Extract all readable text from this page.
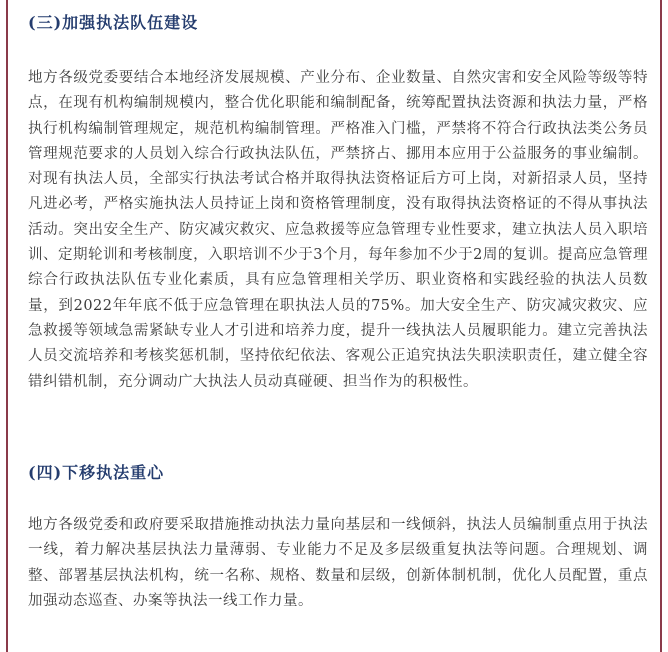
(三)加强执法队伍建设
地方各级党委要结合本地经济发展规模、产业分布、企业数量、自然灾害和安全风险等级等特点，在现有机构编制规模内，整合优化职能和编制配备，统筹配置执法资源和执法力量，严格执行机构编制管理规定，规范机构编制管理。严格准入门槛，严禁将不符合行政执法类公务员管理规范要求的人员划入综合行政执法队伍，严禁挤占、挪用本应用于公益服务的事业编制。对现有执法人员，全部实行执法考试合格并取得执法资格证后方可上岗，对新招录人员，坚持凡进必考，严格实施执法人员持证上岗和资格管理制度，没有取得执法资格证的不得从事执法活动。突出安全生产、防灾减灾救灾、应急救援等应急管理专业性要求，建立执法人员入职培训、定期轮训和考核制度，入职培训不少于3个月，每年参加不少于2周的复训。提高应急管理综合行政执法队伍专业化素质，具有应急管理相关学历、职业资格和实践经验的执法人员数量，到2022年年底不低于应急管理在职执法人员的75%。加大安全生产、防灾减灾救灾、应急救援等领域急需紧缺专业人才引进和培养力度，提升一线执法人员履职能力。建立完善执法人员交流培养和考核奖惩机制，坚持依纪依法、客观公正追究执法失职渎职责任，建立健全容错纠错机制，充分调动广大执法人员动真碰硬、担当作为的积极性。
(四)下移执法重心
地方各级党委和政府要采取措施推动执法力量向基层和一线倾斜，执法人员编制重点用于执法一线，着力解决基层执法力量薄弱、专业能力不足及多层级重复执法等问题。合理规划、调整、部署基层执法机构，统一名称、规格、数量和层级，创新体制机制，优化人员配置，重点加强动态巡查、办案等执法一线工作力量。
